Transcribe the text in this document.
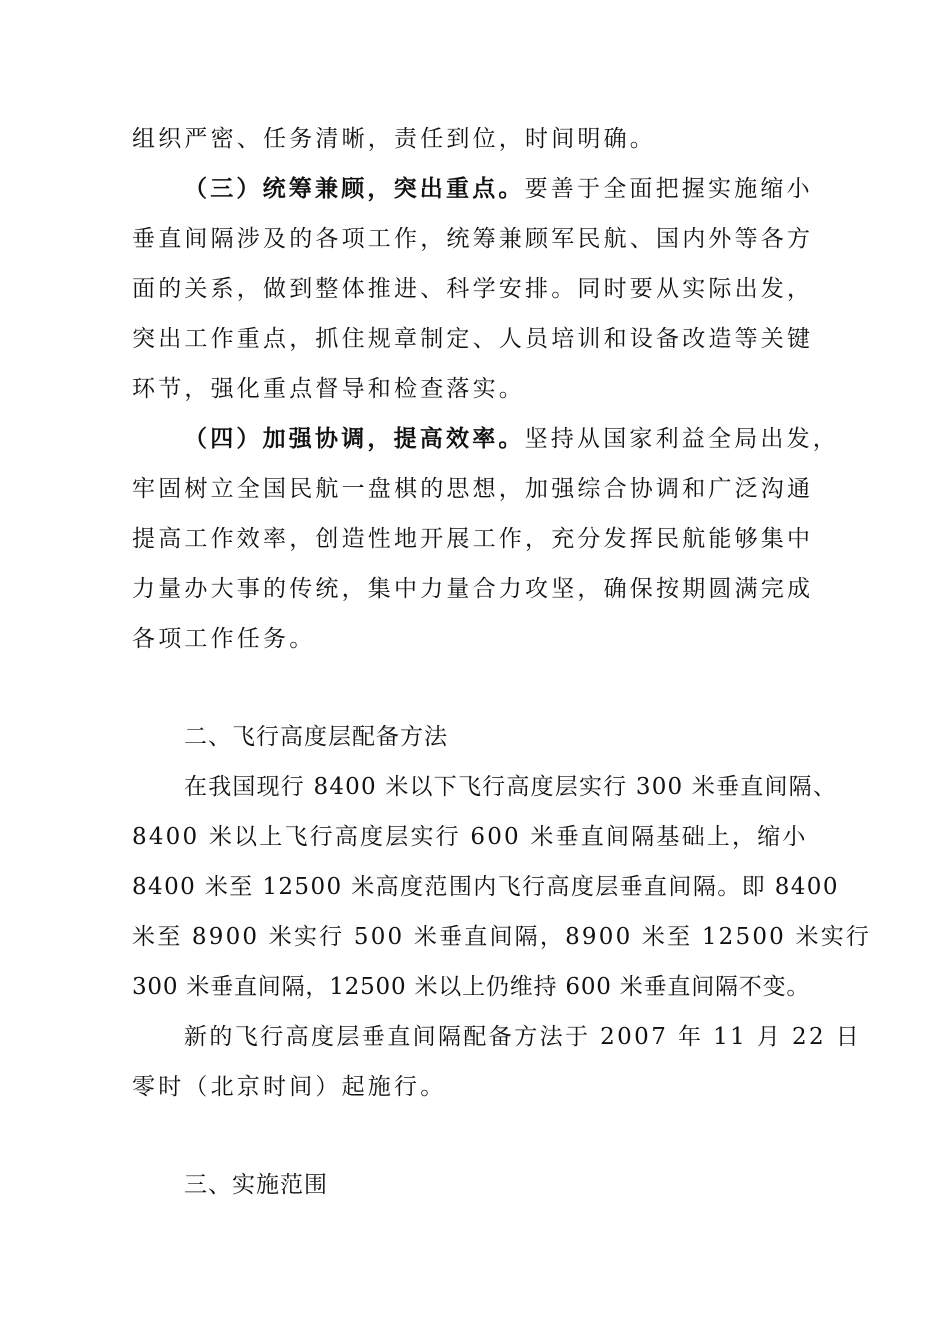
组织严密、任务清晰，责任到位，时间明确。
（三）统筹兼顾，突出重点。要善于全面把握实施缩小
垂直间隔涉及的各项工作，统筹兼顾军民航、国内外等各方
面的关系，做到整体推进、科学安排。同时要从实际出发，
突出工作重点，抓住规章制定、人员培训和设备改造等关键
环节，强化重点督导和检查落实。
（四）加强协调，提高效率。坚持从国家利益全局出发，
牢固树立全国民航一盘棋的思想，加强综合协调和广泛沟通
提高工作效率，创造性地开展工作，充分发挥民航能够集中
力量办大事的传统，集中力量合力攻坚，确保按期圆满完成
各项工作任务。
二、飞行高度层配备方法
在我国现行 8400 米以下飞行高度层实行 300 米垂直间隔、
8400 米以上飞行高度层实行 600 米垂直间隔基础上，缩小
8400 米至 12500 米高度范围内飞行高度层垂直间隔。即 8400
米至 8900 米实行 500 米垂直间隔，8900 米至 12500 米实行
300 米垂直间隔，12500 米以上仍维持 600 米垂直间隔不变。
新的飞行高度层垂直间隔配备方法于 2007 年 11 月 22 日
零时（北京时间）起施行。
三、实施范围
